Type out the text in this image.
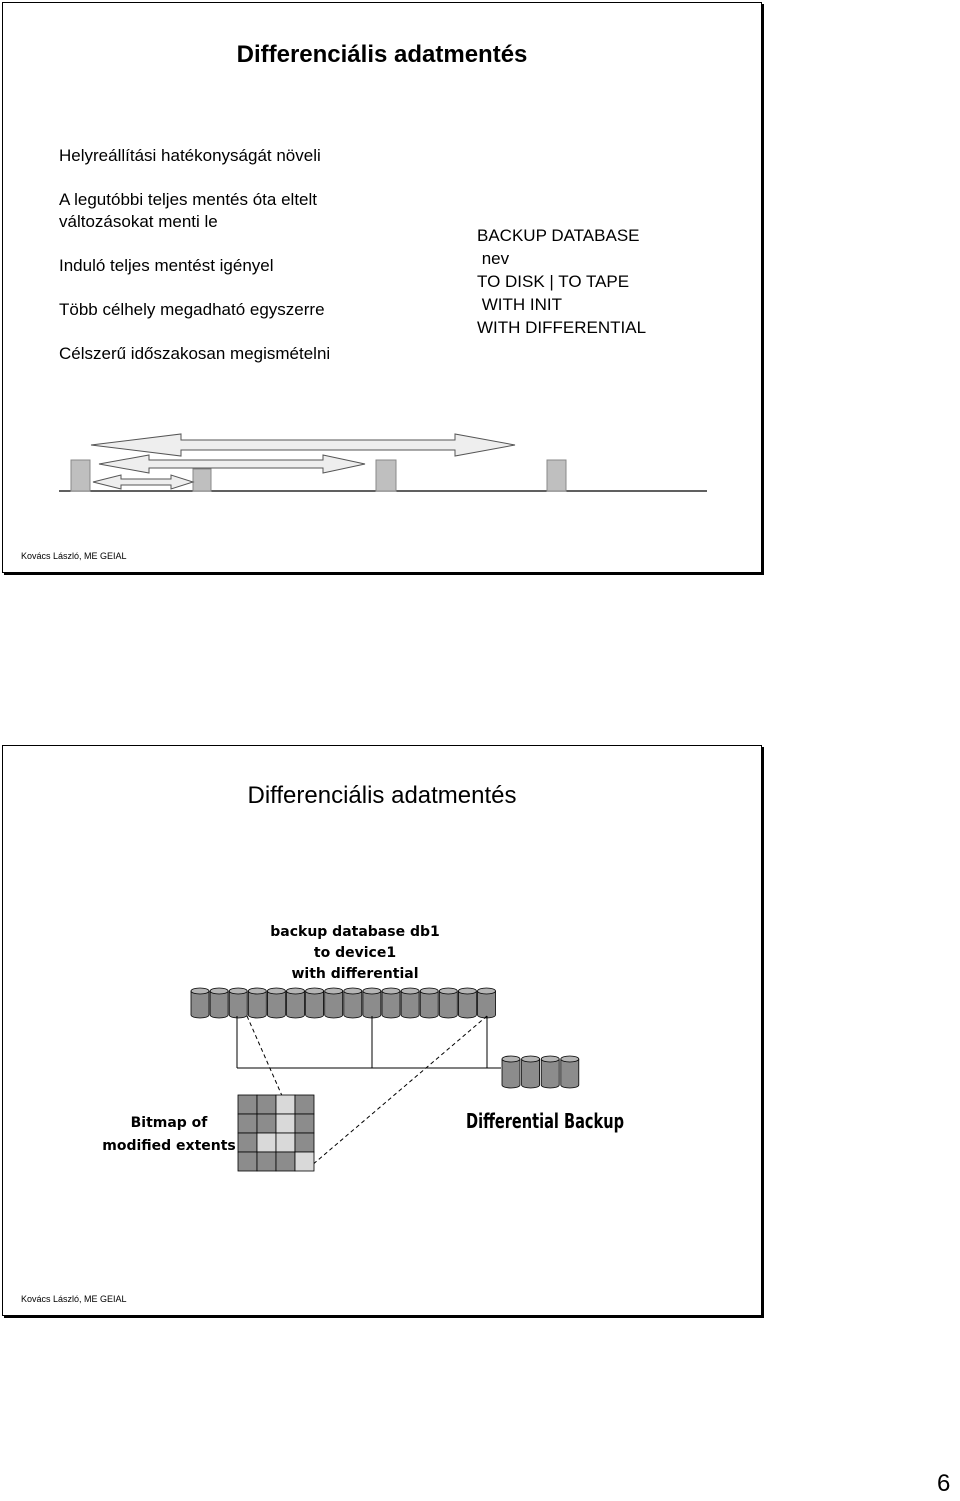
Differenciális adatmentés
Helyreállítási hatékonyságát növeli
A legutóbbi teljes mentés óta eltelt változásokat menti le
Induló teljes mentést igényel
Több célhely megadható egyszerre
Célszerű időszakosan megismételni
BACKUP DATABASE
nev
TO DISK | TO TAPE
WITH INIT
WITH DIFFERENTIAL
Kovács László, ME GEIAL
Differenciális adatmentés
backup database db1
to device1
with differential
Bitmap of
modified extents
Differential Backup
Kovács László, ME GEIAL
6
